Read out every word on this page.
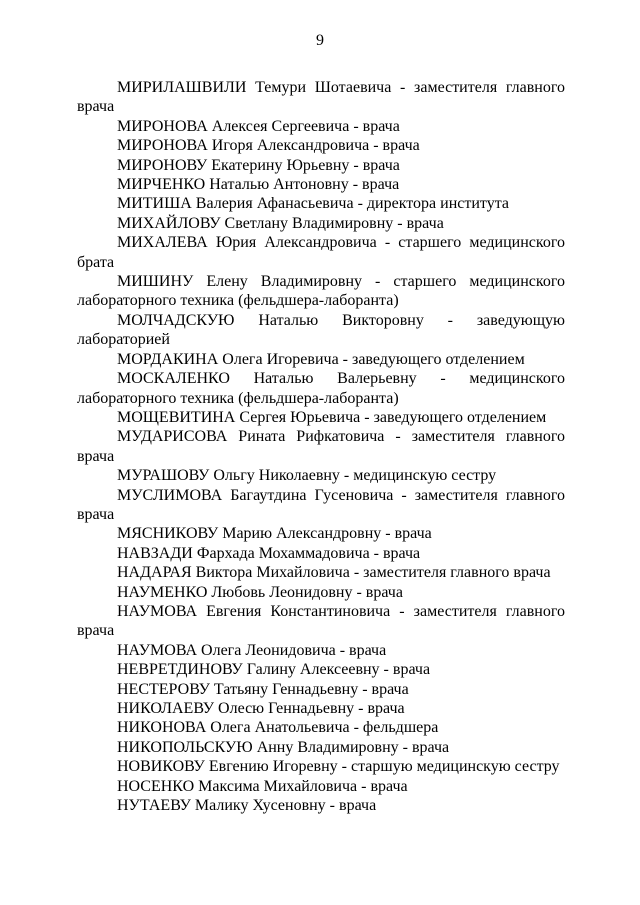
9

МИРИЛАШВИЛИ Темури Шотаевича - заместителя главного врача

МИРОНОВА Алексея Сергеевича - врача

МИРОНОВА Игоря Александровича - врача

МИРОНОВУ Екатерину Юрьевну - врача

МИРЧЕНКО Наталью Антоновну - врача

МИТИША Валерия Афанасьевича - директора института

МИХАЙЛОВУ Светлану Владимировну - врача

МИХАЛЕВА Юрия Александровича - старшего медицинского брата

МИШИНУ Елену Владимировну - старшего медицинского лабораторного техника (фельдшера-лаборанта)

МОЛЧАДСКУЮ Наталью Викторовну - заведующую лабораторией

МОРДАКИНА Олега Игоревича - заведующего отделением

МОСКАЛЕНКО Наталью Валерьевну - медицинского лабораторного техника (фельдшера-лаборанта)

МОЩЕВИТИНА Сергея Юрьевича - заведующего отделением

МУДАРИСОВА Рината Рифкатовича - заместителя главного врача

МУРАШОВУ Ольгу Николаевну - медицинскую сестру

МУСЛИМОВА Багаутдина Гусеновича - заместителя главного врача

МЯСНИКОВУ Марию Александровну - врача

НАВЗАДИ Фархада Мохаммадовича - врача

НАДАРАЯ Виктора Михайловича - заместителя главного врача

НАУМЕНКО Любовь Леонидовну - врача

НАУМОВА Евгения Константиновича - заместителя главного врача

НАУМОВА Олега Леонидовича - врача

НЕВРЕТДИНОВУ Галину Алексеевну - врача

НЕСТЕРОВУ Татьяну Геннадьевну - врача

НИКОЛАЕВУ Олесю Геннадьевну - врача

НИКОНОВА Олега Анатольевича - фельдшера

НИКОПОЛЬСКУЮ Анну Владимировну - врача

НОВИКОВУ Евгению Игоревну - старшую медицинскую сестру

НОСЕНКО Максима Михайловича - врача

НУТАЕВУ Малику Хусеновну - врача
